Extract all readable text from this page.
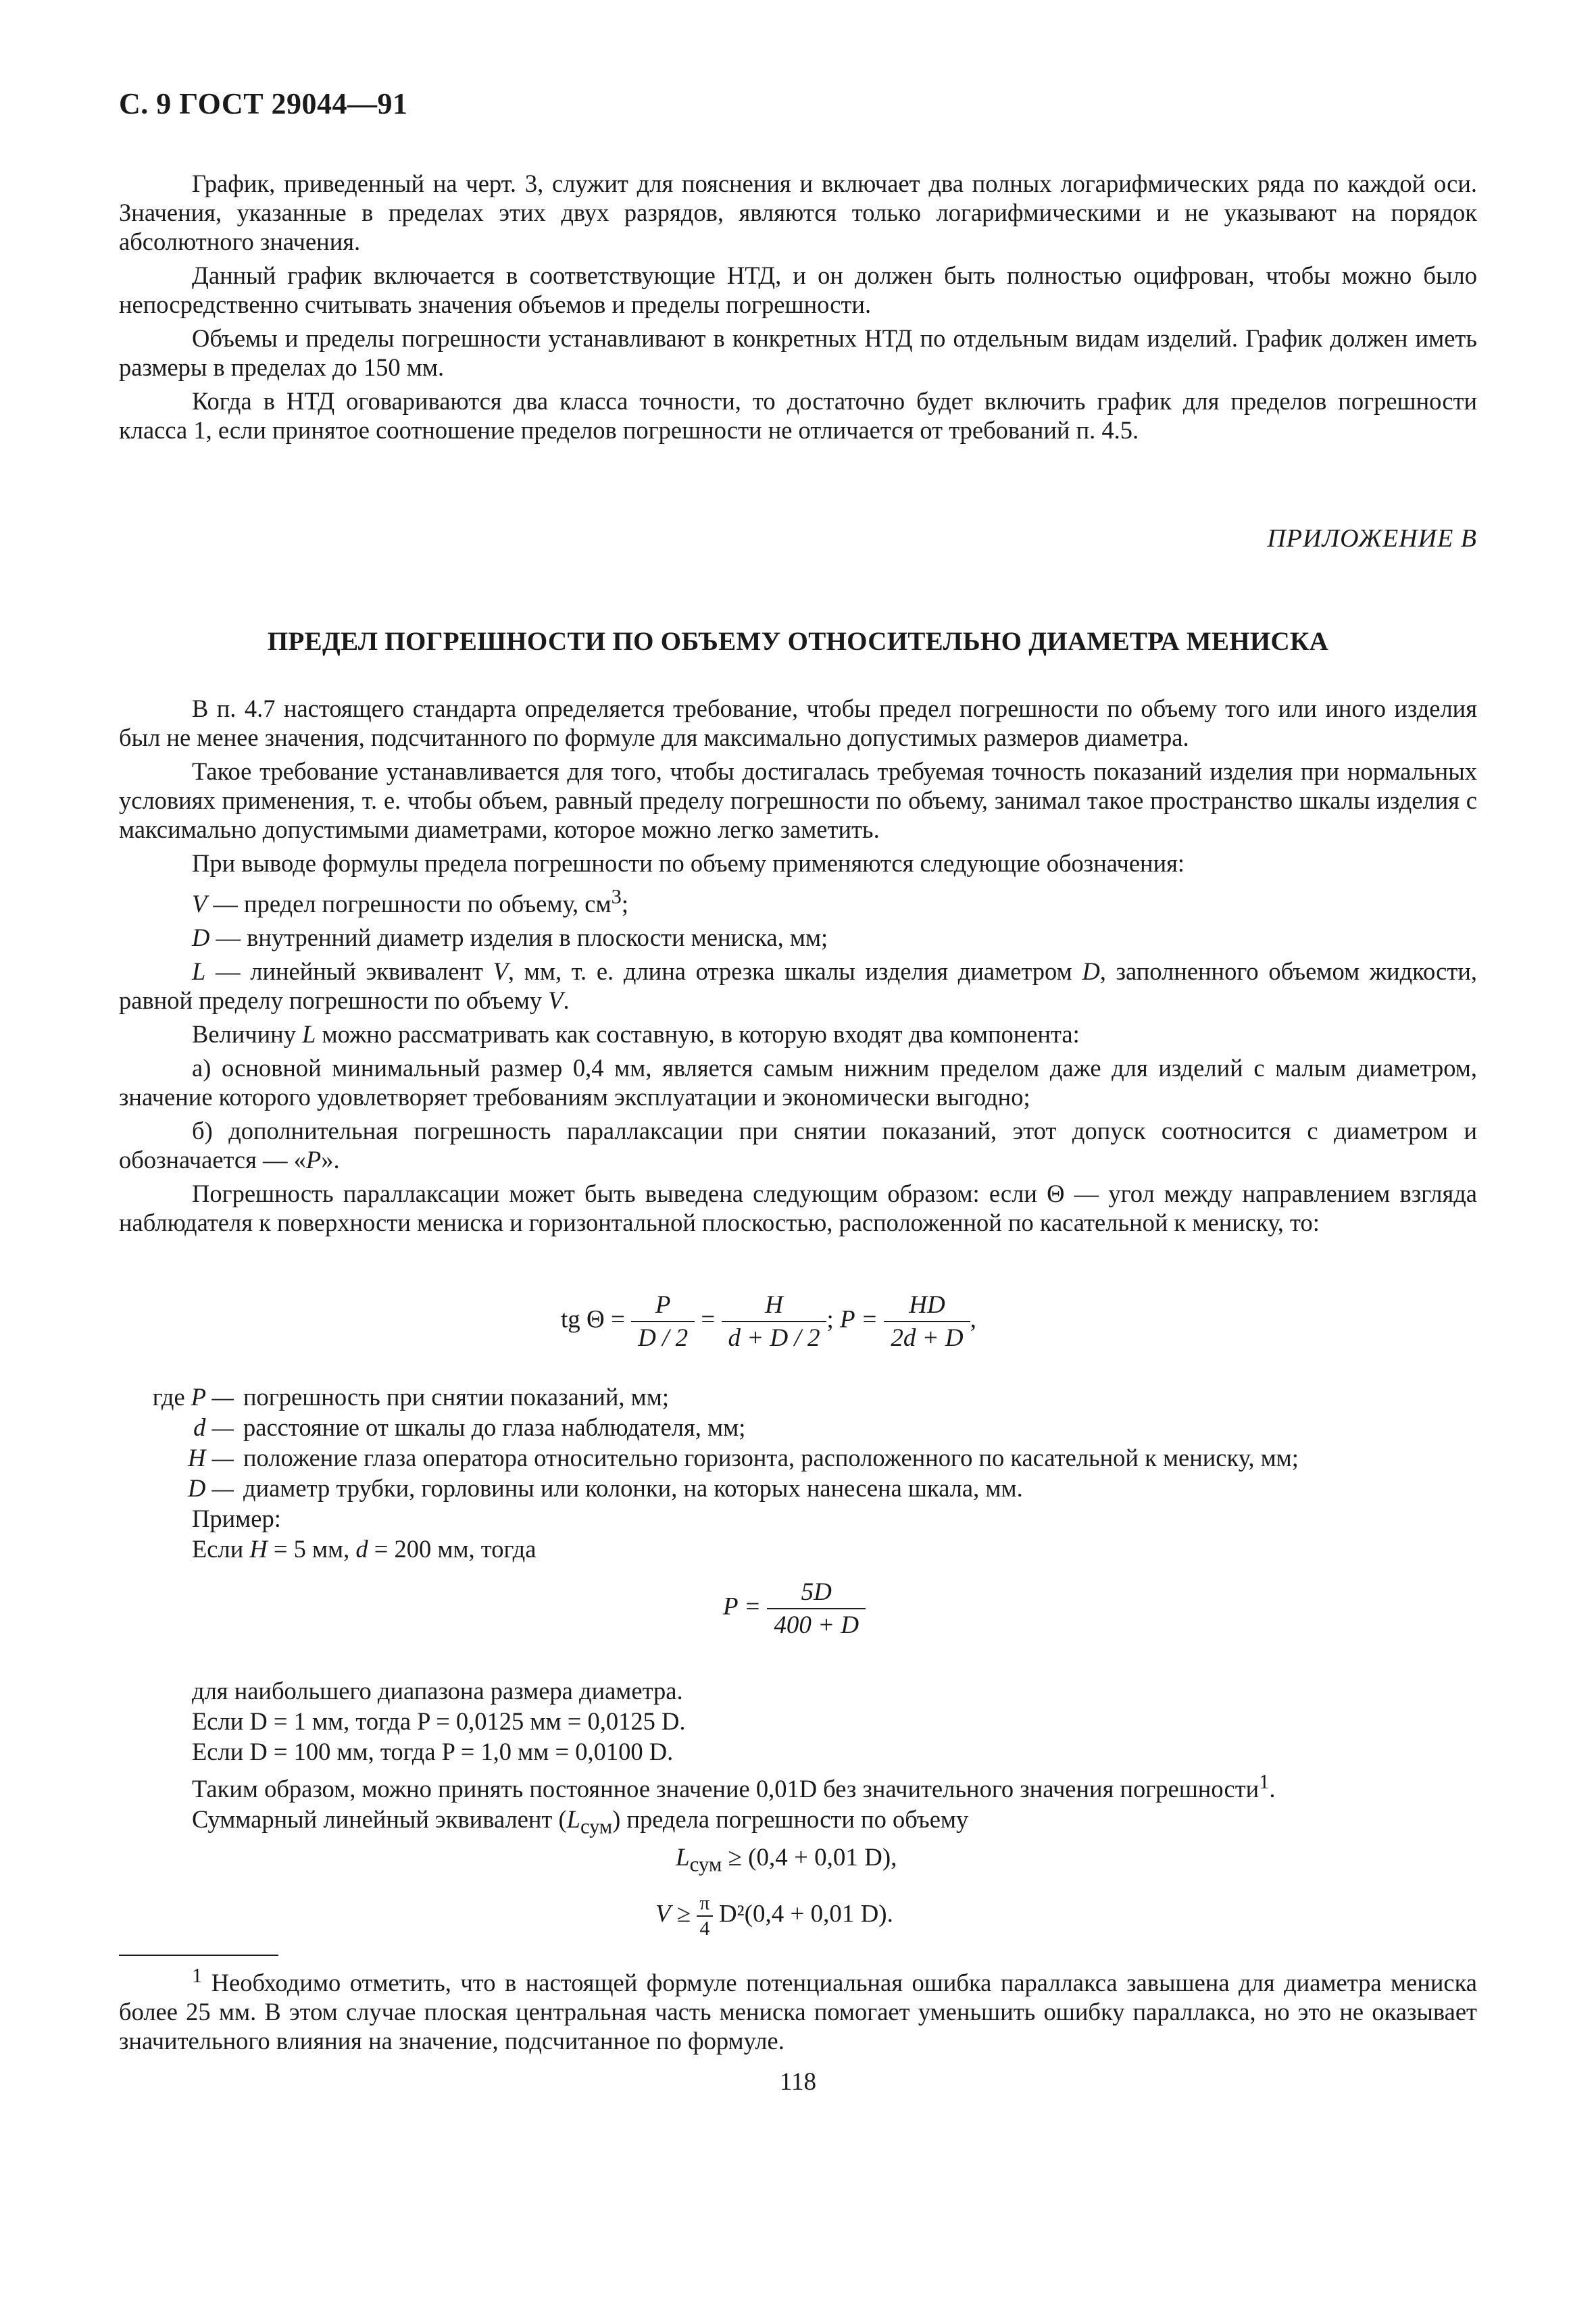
С. 9 ГОСТ 29044—91

График, приведенный на черт. 3, служит для пояснения и включает два полных логарифмических ряда по каждой оси. Значения, указанные в пределах этих двух разрядов, являются только логарифмическими и не указывают на порядок абсолютного значения.

Данный график включается в соответствующие НТД, и он должен быть полностью оцифрован, чтобы можно было непосредственно считывать значения объемов и пределы погрешности.

Объемы и пределы погрешности устанавливают в конкретных НТД по отдельным видам изделий. График должен иметь размеры в пределах до 150 мм.

Когда в НТД оговариваются два класса точности, то достаточно будет включить график для пределов погрешности класса 1, если принятое соотношение пределов погрешности не отличается от требований п. 4.5.

ПРИЛОЖЕНИЕ В
ПРЕДЕЛ ПОГРЕШНОСТИ ПО ОБЪЕМУ ОТНОСИТЕЛЬНО ДИАМЕТРА МЕНИСКА

В п. 4.7 настоящего стандарта определяется требование, чтобы предел погрешности по объему того или иного изделия был не менее значения, подсчитанного по формуле для максимально допустимых размеров диаметра.

Такое требование устанавливается для того, чтобы достигалась требуемая точность показаний изделия при нормальных условиях применения, т. е. чтобы объем, равный пределу погрешности по объему, занимал такое пространство шкалы изделия с максимально допустимыми диаметрами, которое можно легко заметить.

При выводе формулы предела погрешности по объему применяются следующие обозначения:

V — предел погрешности по объему, $см^3$;

D — внутренний диаметр изделия в плоскости мениска, мм;

L — линейный эквивалент V, мм, т. е. длина отрезка шкалы изделия диаметром D, заполненного объемом жидкости, равной пределу погрешности по объему V.

Величину L можно рассматривать как составную, в которую входят два компонента:

а) основной минимальный размер 0,4 мм, является самым нижним пределом даже для изделий с малым диаметром, значение которого удовлетворяет требованиям эксплуатации и экономически выгодно;

б) дополнительная погрешность параллаксации при снятии показаний, этот допуск соотносится с диаметром и обозначается — «P».

Погрешность параллаксации может быть выведена следующим образом: если Θ — угол между направлением взгляда наблюдателя к поверхности мениска и горизонтальной плоскостью, расположенной по касательной к мениску, то:

tg $\Theta = \frac{P}{D / 2} = \frac{H}{d + D / 2}$ ; $P = \frac{HD}{2d + D}$ ,
где P — погрешность при снятии показаний, мм;
d — расстояние от шкалы до глаза наблюдателя, мм;
H — положение глаза оператора относительно горизонта, расположенного по касательной к мениску, мм;
D — диаметр трубки, горловины или колонки, на которых нанесена шкала, мм.
Пример:
Если H = 5 мм, d = 200 мм, тогда
$P = \frac{5D}{400 + D}$
для наибольшего диапазона размера диаметра.
Если D = 1 мм, тогда P = 0,0125 мм = 0,0125 D.
Если D = 100 мм, тогда P = 1,0 мм = 0,0100 D.
Таким образом, можно принять постоянное значение 0,01D без значительного значения погрешности$^1$.
Суммарный линейный эквивалент $(L_{сум})$ предела погрешности по объему
$L_{сум} \ge (0,4 + 0,01$ D),
$V \ge \frac{\pi}{4} D^2(0,4 + 0,01$ D).
$^1$ Необходимо отметить, что в настоящей формуле потенциальная ошибка параллакса завышена для диаметра мениска более 25 мм. В этом случае плоская центральная часть мениска помогает уменьшить ошибку параллакса, но это не оказывает значительного влияния на значение, подсчитанное по формуле.
118
